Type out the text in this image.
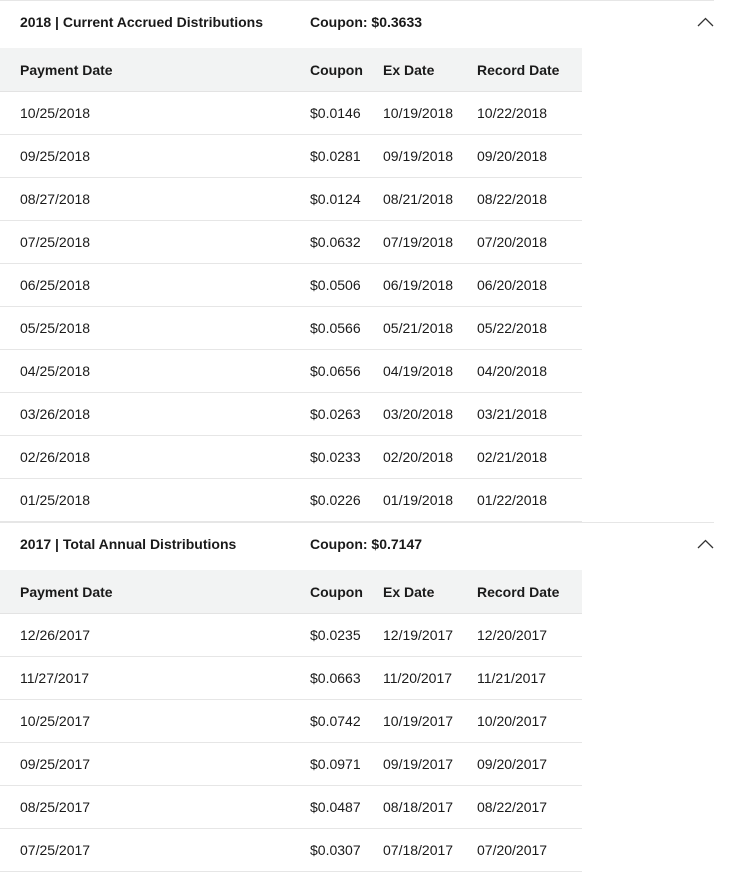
2018 | Current Accrued Distributions	Coupon: $0.3633
Payment Date	Coupon Ex Date	Record Date
10/25/2018	$0.0146 10/19/2018 10/22/2018
09/25/2018	$0.0281 09/19/2018 09/20/2018
08/27/2018	$0.0124 08/21/2018 08/22/2018
07/25/2018	$0.0632 07/19/2018 07/20/2018
06/25/2018	$0.0506 06/19/2018 06/20/2018
05/25/2018	$0.0566 05/21/2018 05/22/2018
04/25/2018	$0.0656 04/19/2018 04/20/2018
03/26/2018	$0.0263 03/20/2018 03/21/2018
02/26/2018	$0.0233 02/20/2018 02/21/2018
01/25/2018	$0.0226 01/19/2018 01/22/2018
2017 | Total Annual Distributions	Coupon: $0.7147
Payment Date	Coupon Ex Date	Record Date
12/26/2017	$0.0235 12/19/2017 12/20/2017
11/27/2017	$0.0663 11/20/2017 11/21/2017
10/25/2017	$0.0742 10/19/2017 10/20/2017
09/25/2017	$0.0971 09/19/2017 09/20/2017
08/25/2017	$0.0487 08/18/2017 08/22/2017
07/25/2017	$0.0307 07/18/2017 07/20/2017
